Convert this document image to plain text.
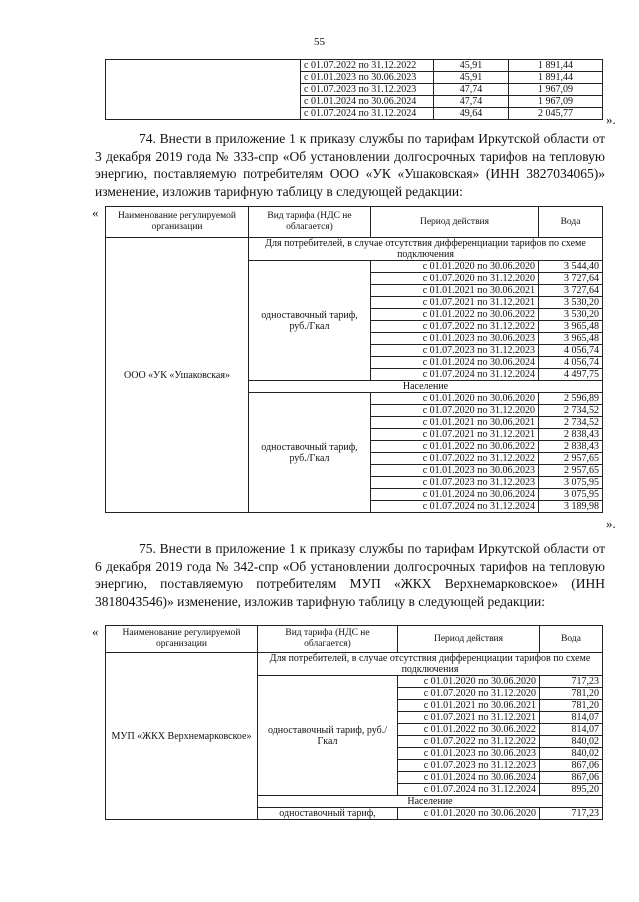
55
	с 01.07.2022 по 31.12.2022	45,91	1 891,44
	с 01.01.2023 по 30.06.2023	45,91	1 891,44
	с 01.07.2023 по 31.12.2023	47,74	1 967,09
	с 01.01.2024 по 30.06.2024	47,74	1 967,09
	с 01.07.2024 по 31.12.2024	49,64	2 045,77	».

74. Внести в приложение 1 к приказу службы по тарифам Иркутской области от 3 декабря 2019 года № 333-спр «Об установлении долгосрочных тарифов на тепловую энергию, поставляемую потребителям ООО «УК «Ушаковская» (ИНН 3827034065)» изменение, изложив тарифную таблицу в следующей редакции:

« Наименование регулируемой организации	Вид тарифа (НДС не облагается)	Период действия	Вода
ООО «УК «Ушаковская»	Для потребителей, в случае отсутствия дифференциации тарифов по схеме подключения		
	одноставочный тариф, руб./Гкал	с 01.01.2020 по 30.06.2020	3 544,40
		с 01.07.2020 по 31.12.2020	3 727,64
		с 01.01.2021 по 30.06.2021	3 727,64
		с 01.07.2021 по 31.12.2021	3 530,20
		с 01.01.2022 по 30.06.2022	3 530,20
		с 01.07.2022 по 31.12.2022	3 965,48
		с 01.01.2023 по 30.06.2023	3 965,48
		с 01.07.2023 по 31.12.2023	4 056,74
		с 01.01.2024 по 30.06.2024	4 056,74
		с 01.07.2024 по 31.12.2024	4 497,75
	Население		
	одноставочный тариф, руб./Гкал	с 01.01.2020 по 30.06.2020	2 596,89
		с 01.07.2020 по 31.12.2020	2 734,52
		с 01.01.2021 по 30.06.2021	2 734,52
		с 01.07.2021 по 31.12.2021	2 838,43
		с 01.01.2022 по 30.06.2022	2 838,43
		с 01.07.2022 по 31.12.2022	2 957,65
		с 01.01.2023 по 30.06.2023	2 957,65
		с 01.07.2023 по 31.12.2023	3 075,95
		с 01.01.2024 по 30.06.2024	3 075,95
		с 01.07.2024 по 31.12.2024	3 189,98
».

75. Внести в приложение 1 к приказу службы по тарифам Иркутской области от 6 декабря 2019 года № 342-спр «Об установлении долгосрочных тарифов на тепловую энергию, поставляемую потребителям МУП «ЖКХ Верхнемарковское» (ИНН 3818043546)» изменение, изложив тарифную таблицу в следующей редакции:

«	Наименование регулируемой организации	Вид тарифа (НДС не облагается)	Период действия	Вода
МУП «ЖКХ Верхнемарковское»	Для потребителей, в случае отсутствия дифференциации тарифов по схеме подключения		
	одноставочный тариф, руб./Гкал	с 01.01.2020 по 30.06.2020	717,23
		с 01.07.2020 по 31.12.2020	781,20
		с 01.01.2021 по 30.06.2021	781,20
		с 01.07.2021 по 31.12.2021	814,07
		с 01.01.2022 по 30.06.2022	814,07
		с 01.07.2022 по 31.12.2022	840,02
		с 01.01.2023 по 30.06.2023	840,02
		с 01.07.2023 по 31.12.2023	867,06
		с 01.01.2024 по 30.06.2024	867,06
		с 01.07.2024 по 31.12.2024	895,20
	Население		
	одноставочный тариф,	с 01.01.2020 по 30.06.2020	717,23
